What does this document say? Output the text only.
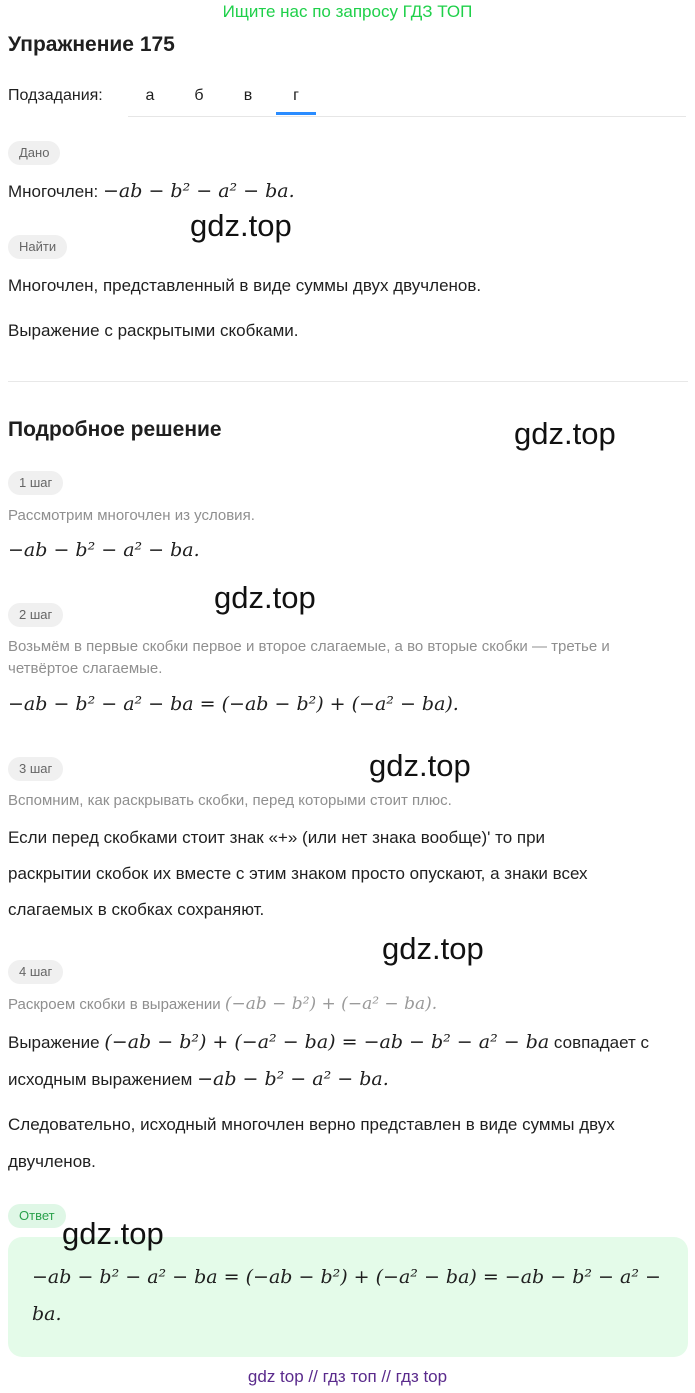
Ищите нас по запросу ГДЗ ТОП
Упражнение 175
Подзадания:	а	б	в	г
Дано
Многочлен: −ab − b² − a² − ba.
gdz.top
Найти
Многочлен, представленный в виде суммы двух двучленов.
Выражение с раскрытыми скобками.
Подробное решение	gdz.top
1 шаг
Рассмотрим многочлен из условия.
−ab − b² − a² − ba.
gdz.top
2 шаг
Возьмём в первые скобки первое и второе слагаемые, а во вторые скобки — третье и
четвёртое слагаемые.
−ab − b² − a² − ba = (−ab − b²) + (−a² − ba).
gdz.top
3 шаг
Вспомним, как раскрывать скобки, перед которыми стоит плюс.
Если перед скобками стоит знак «+» (или нет знака вообще)' то при
раскрытии скобок их вместе с этим знаком просто опускают, а знаки всех
слагаемых в скобках сохраняют.
gdz.top
4 шаг
Раскроем скобки в выражении (−ab − b²) + (−a² − ba).
Выражение (−ab − b²) + (−a² − ba) = −ab − b² − a² − ba совпадает с
исходным выражением −ab − b² − a² − ba.
Следовательно, исходный многочлен верно представлен в виде суммы двух
двучленов.
Ответ
gdz.top
−ab − b² − a² − ba = (−ab − b²) + (−a² − ba) = −ab − b² − a² −
ba.
gdz top // гдз топ // гдз top
